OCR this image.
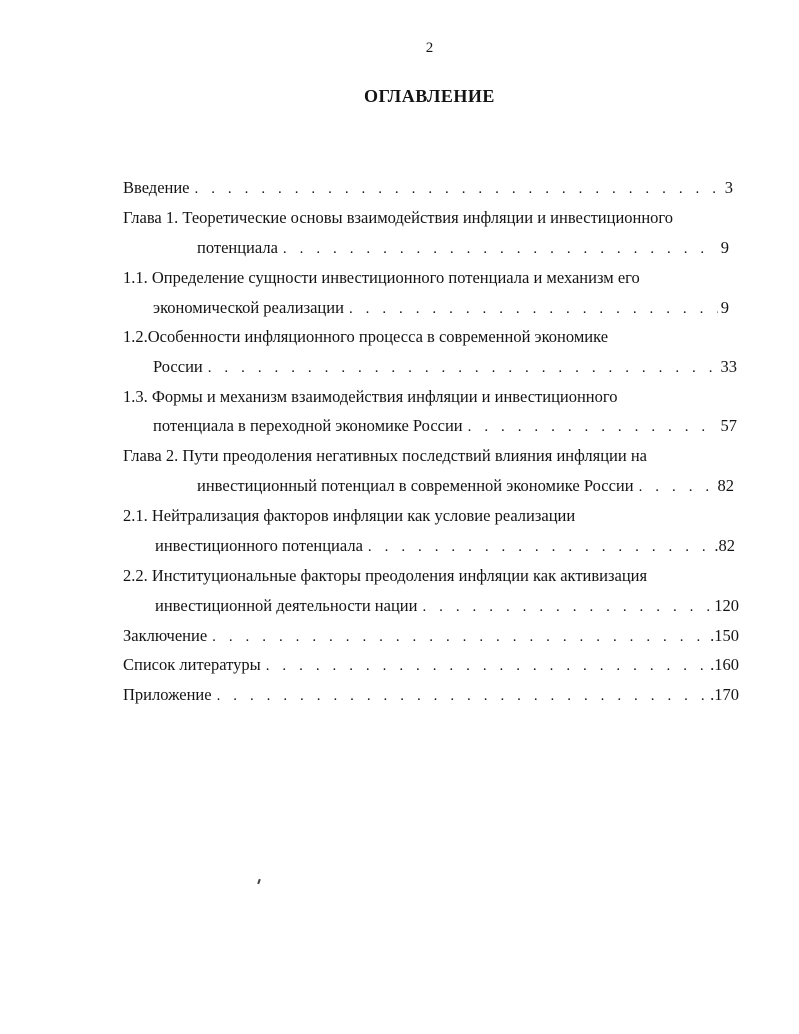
2
ОГЛАВЛЕНИЕ
Введение . . .	3
Глава 1. Теоретические основы взаимодействия инфляции и инвестиционного
потенциала . . .	9
1.1. Определение сущности инвестиционного потенциала и механизм его
экономической реализации . . .	9
1.2.Особенности инфляционного процесса в современной экономике
России . . .	33
1.3. Формы и механизм взаимодействия инфляции и инвестиционного
потенциала в переходной экономике России . . .	57
Глава 2. Пути преодоления негативных последствий влияния инфляции на
инвестиционный потенциал в современной экономике России . . .	82
2.1. Нейтрализация факторов инфляции как условие реализации
инвестиционного потенциала . . .	.82
2.2. Институциональные факторы преодоления инфляции как активизация
инвестиционной деятельности нации . . .	120
Заключение . . .	.150
Список литературы . . .	.160
Приложение . . .	.170
